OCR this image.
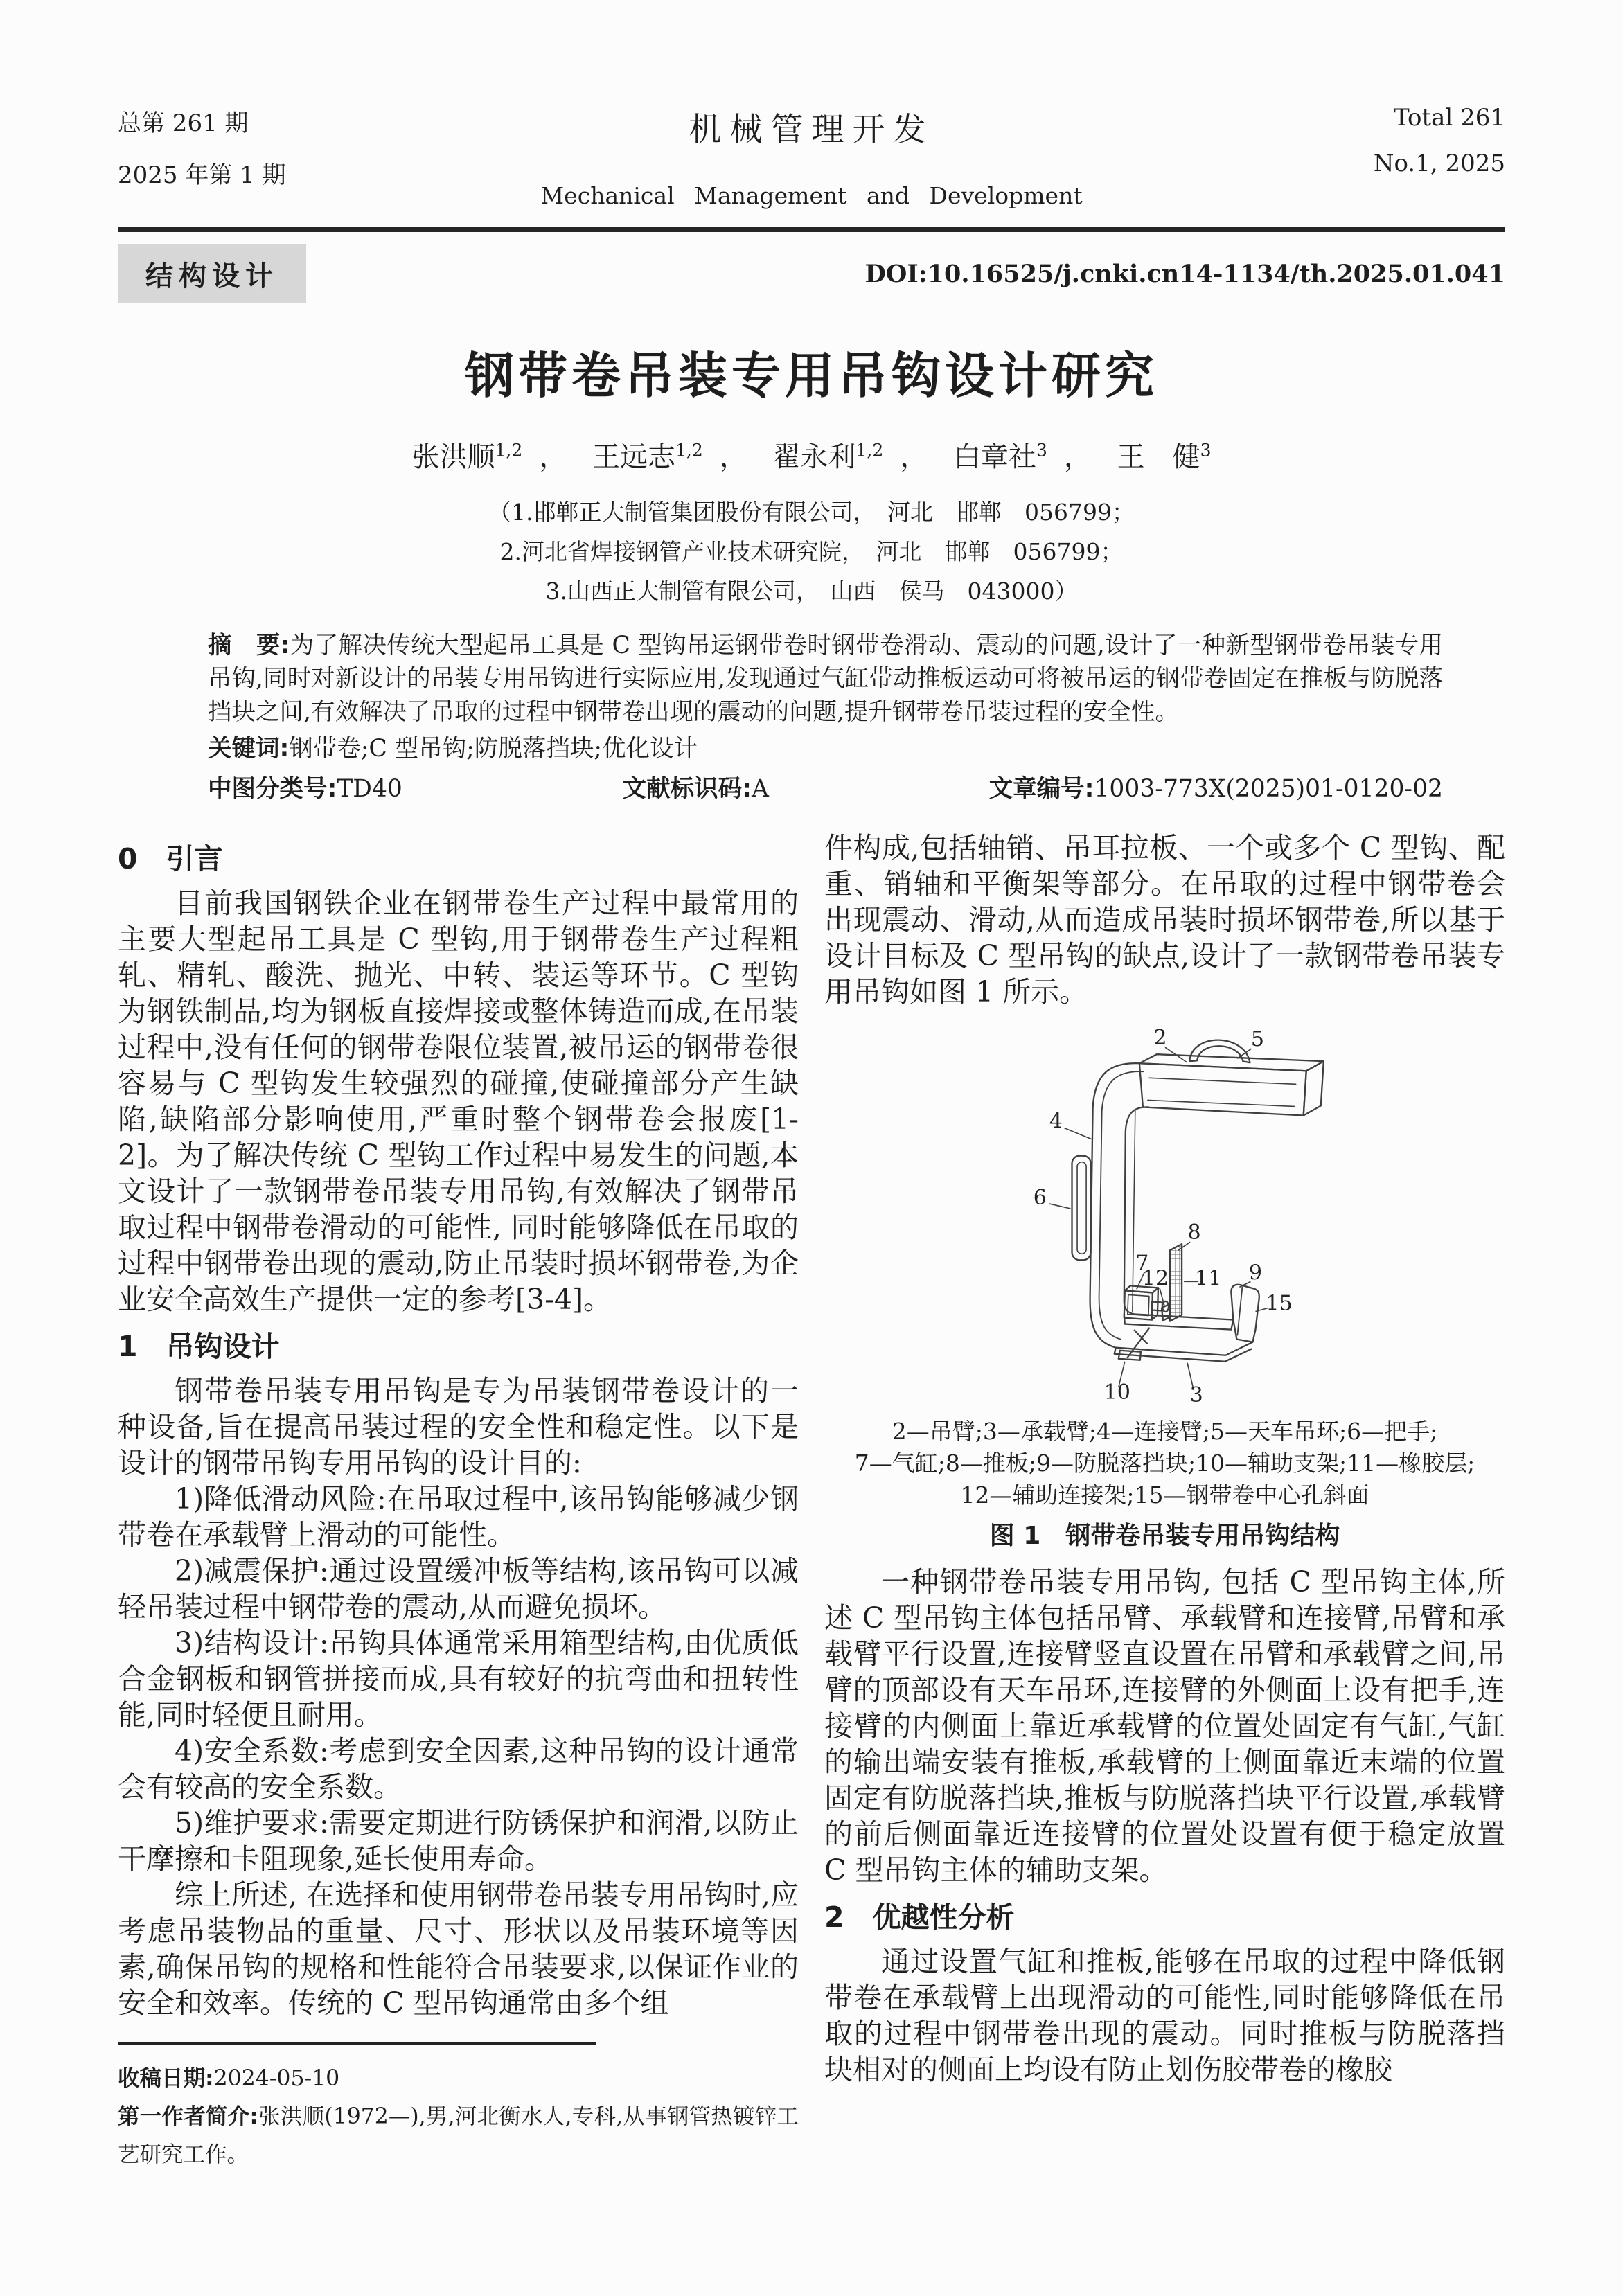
总第 261 期
2025 年第 1 期
机械管理开发
Mechanical Management and Development
Total 261
No.1, 2025
结构设计	DOI:10.16525/j.cnki.cn14-1134/th.2025.01.041
钢带卷吊装专用吊钩设计研究
张洪顺$^{1,2}$ ， 王远志$^{1,2}$ ， 翟永利$^{1,2}$ ， 白章社$^3$ ， 王　健$^3$
（1.邯郸正大制管集团股份有限公司，　河北　邯郸　056799；
2.河北省焊接钢管产业技术研究院，　河北　邯郸　056799；
3.山西正大制管有限公司，　山西　侯马　043000）
摘　要:为了解决传统大型起吊工具是 C 型钩吊运钢带卷时钢带卷滑动、震动的问题,设计了一种新型钢带卷吊装专用吊钩,同时对新设计的吊装专用吊钩进行实际应用,发现通过气缸带动推板运动可将被吊运的钢带卷固定在推板与防脱落挡块之间,有效解决了吊取的过程中钢带卷出现的震动的问题,提升钢带卷吊装过程的安全性。
关键词:钢带卷;C 型吊钩;防脱落挡块;优化设计
中图分类号:TD40	文献标识码:A	文章编号:1003-773X(2025)01-0120-02
0　引言

目前我国钢铁企业在钢带卷生产过程中最常用的主要大型起吊工具是 C 型钩,用于钢带卷生产过程粗轧、精轧、酸洗、抛光、中转、装运等环节。C 型钩为钢铁制品,均为钢板直接焊接或整体铸造而成,在吊装过程中,没有任何的钢带卷限位装置,被吊运的钢带卷很容易与 C 型钩发生较强烈的碰撞,使碰撞部分产生缺陷,缺陷部分影响使用,严重时整个钢带卷会报废[1-2]。为了解决传统 C 型钩工作过程中易发生的问题,本文设计了一款钢带卷吊装专用吊钩,有效解决了钢带吊取过程中钢带卷滑动的可能性, 同时能够降低在吊取的过程中钢带卷出现的震动,防止吊装时损坏钢带卷,为企业安全高效生产提供一定的参考[3-4]。

1　吊钩设计

钢带卷吊装专用吊钩是专为吊装钢带卷设计的一种设备,旨在提高吊装过程的安全性和稳定性。以下是设计的钢带吊钩专用吊钩的设计目的:

1)降低滑动风险:在吊取过程中,该吊钩能够减少钢带卷在承载臂上滑动的可能性。

2)减震保护:通过设置缓冲板等结构,该吊钩可以减轻吊装过程中钢带卷的震动,从而避免损坏。

3)结构设计:吊钩具体通常采用箱型结构,由优质低合金钢板和钢管拼接而成,具有较好的抗弯曲和扭转性能,同时轻便且耐用。

4)安全系数:考虑到安全因素,这种吊钩的设计通常会有较高的安全系数。

5)维护要求:需要定期进行防锈保护和润滑,以防止干摩擦和卡阻现象,延长使用寿命。

综上所述, 在选择和使用钢带卷吊装专用吊钩时,应考虑吊装物品的重量、尺寸、形状以及吊装环境等因素,确保吊钩的规格和性能符合吊装要求,以保证作业的安全和效率。传统的 C 型吊钩通常由多个组

收稿日期:2024-05-10
第一作者简介:张洪顺(1972—),男,河北衡水人,专科,从事钢管热镀锌工艺研究工作。

件构成,包括轴销、吊耳拉板、一个或多个 C 型钩、配重、销轴和平衡架等部分。在吊取的过程中钢带卷会出现震动、滑动,从而造成吊装时损坏钢带卷,所以基于设计目标及 C 型吊钩的缺点,设计了一款钢带卷吊装专用吊钩如图 1 所示。

2	5
4
6
7
12
8
11 9
15
10	3
2—吊臂;3—承载臂;4—连接臂;5—天车吊环;6—把手;
7—气缸;8—推板;9—防脱落挡块;10—辅助支架;11—橡胶层;
12—辅助连接架;15—钢带卷中心孔斜面
图 1　钢带卷吊装专用吊钩结构

一种钢带卷吊装专用吊钩, 包括 C 型吊钩主体,所述 C 型吊钩主体包括吊臂、承载臂和连接臂,吊臂和承载臂平行设置,连接臂竖直设置在吊臂和承载臂之间,吊臂的顶部设有天车吊环,连接臂的外侧面上设有把手,连接臂的内侧面上靠近承载臂的位置处固定有气缸,气缸的输出端安装有推板,承载臂的上侧面靠近末端的位置固定有防脱落挡块,推板与防脱落挡块平行设置,承载臂的前后侧面靠近连接臂的位置处设置有便于稳定放置 C 型吊钩主体的辅助支架。

2　优越性分析

通过设置气缸和推板,能够在吊取的过程中降低钢带卷在承载臂上出现滑动的可能性,同时能够降低在吊取的过程中钢带卷出现的震动。同时推板与防脱落挡块相对的侧面上均设有防止划伤胶带卷的橡胶
